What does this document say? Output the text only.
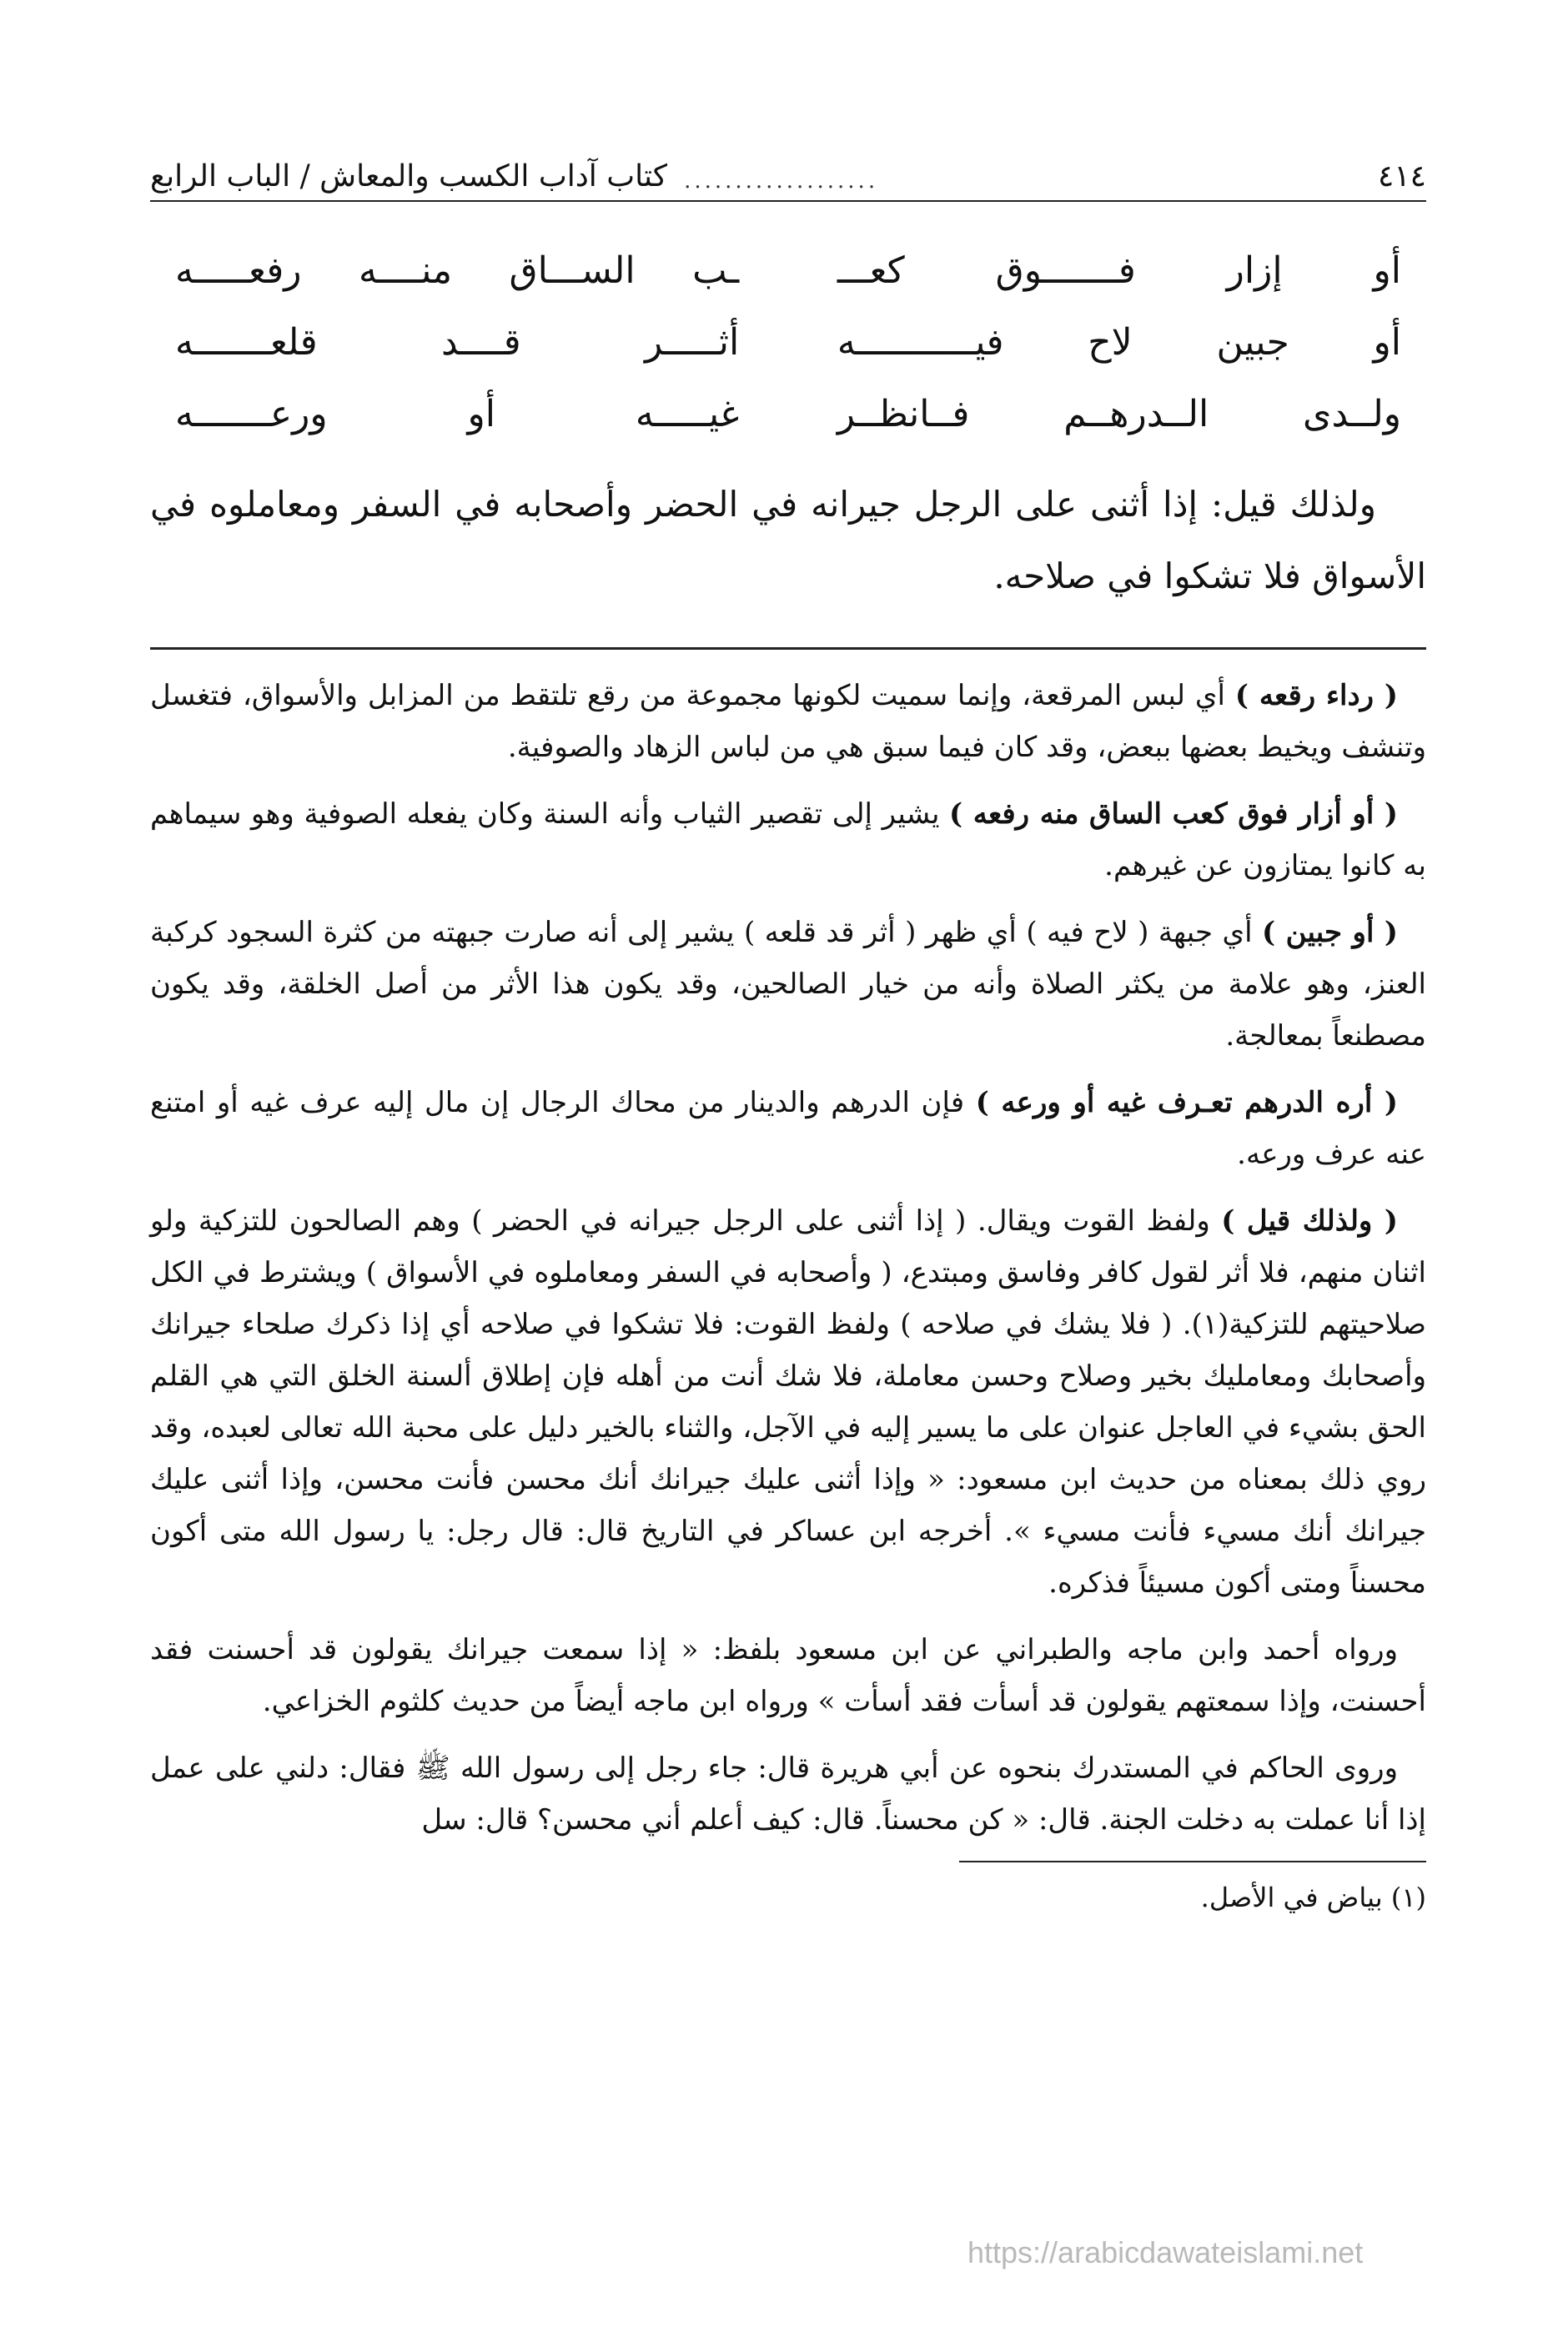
٤١٤
...................
كتاب آداب الكسب والمعاش / الباب الرابع
أو إزار فـــــــوق كعـــ
ـب الســـاق منــــه رفعـــــه
أو جبين لاح فيـــــــــــه
أثـــــر قــــد قلعـــــــه
ولــدى الــدرهــم فــانظــر
غيـــــه أو ورعـــــــه

ولذلك قيل: إذا أثنى على الرجل جيرانه في الحضر وأصحابه في السفر ومعاملوه في الأسواق فلا تشكوا في صلاحه.

( رداء رقعه ) أي لبس المرقعة، وإنما سميت لكونها مجموعة من رقع تلتقط من المزابل والأسواق، فتغسل وتنشف ويخيط بعضها ببعض، وقد كان فيما سبق هي من لباس الزهاد والصوفية.

( أو أزار فوق كعب الساق منه رفعه ) يشير إلى تقصير الثياب وأنه السنة وكان يفعله الصوفية وهو سيماهم به كانوا يمتازون عن غيرهم.

( أو جبين ) أي جبهة ( لاح فيه ) أي ظهر ( أثر قد قلعه ) يشير إلى أنه صارت جبهته من كثرة السجود كركبة العنز، وهو علامة من يكثر الصلاة وأنه من خيار الصالحين، وقد يكون هذا الأثر من أصل الخلقة، وقد يكون مصطنعاً بمعالجة.

( أره الدرهم تعـرف غيه أو ورعه ) فإن الدرهم والدينار من محاك الرجال إن مال إليه عرف غيه أو امتنع عنه عرف ورعه.

( ولذلك قيل ) ولفظ القوت ويقال. ( إذا أثنى على الرجل جيرانه في الحضر ) وهم الصالحون للتزكية ولو اثنان منهم، فلا أثر لقول كافر وفاسق ومبتدع، ( وأصحابه في السفر ومعاملوه في الأسواق ) ويشترط في الكل صلاحيتهم للتزكية(١). ( فلا يشك في صلاحه ) ولفظ القوت: فلا تشكوا في صلاحه أي إذا ذكرك صلحاء جيرانك وأصحابك ومعامليك بخير وصلاح وحسن معاملة، فلا شك أنت من أهله فإن إطلاق ألسنة الخلق التي هي القلم الحق بشيء في العاجل عنوان على ما يسير إليه في الآجل، والثناء بالخير دليل على محبة الله تعالى لعبده، وقد روي ذلك بمعناه من حديث ابن مسعود: « وإذا أثنى عليك جيرانك أنك محسن فأنت محسن، وإذا أثنى عليك جيرانك أنك مسيء فأنت مسيء ». أخرجه ابن عساكر في التاريخ قال: قال رجل: يا رسول الله متى أكون محسناً ومتى أكون مسيئاً فذكره.

ورواه أحمد وابن ماجه والطبراني عن ابن مسعود بلفظ: « إذا سمعت جيرانك يقولون قد أحسنت فقد أحسنت، وإذا سمعتهم يقولون قد أسأت فقد أسأت » ورواه ابن ماجه أيضاً من حديث كلثوم الخزاعي.

وروى الحاكم في المستدرك بنحوه عن أبي هريرة قال: جاء رجل إلى رسول الله ﷺ فقال: دلني على عمل إذا أنا عملت به دخلت الجنة. قال: « كن محسناً. قال: كيف أعلم أني محسن؟ قال: سل

(١) بياض في الأصل.
https://arabicdawateislami.net
